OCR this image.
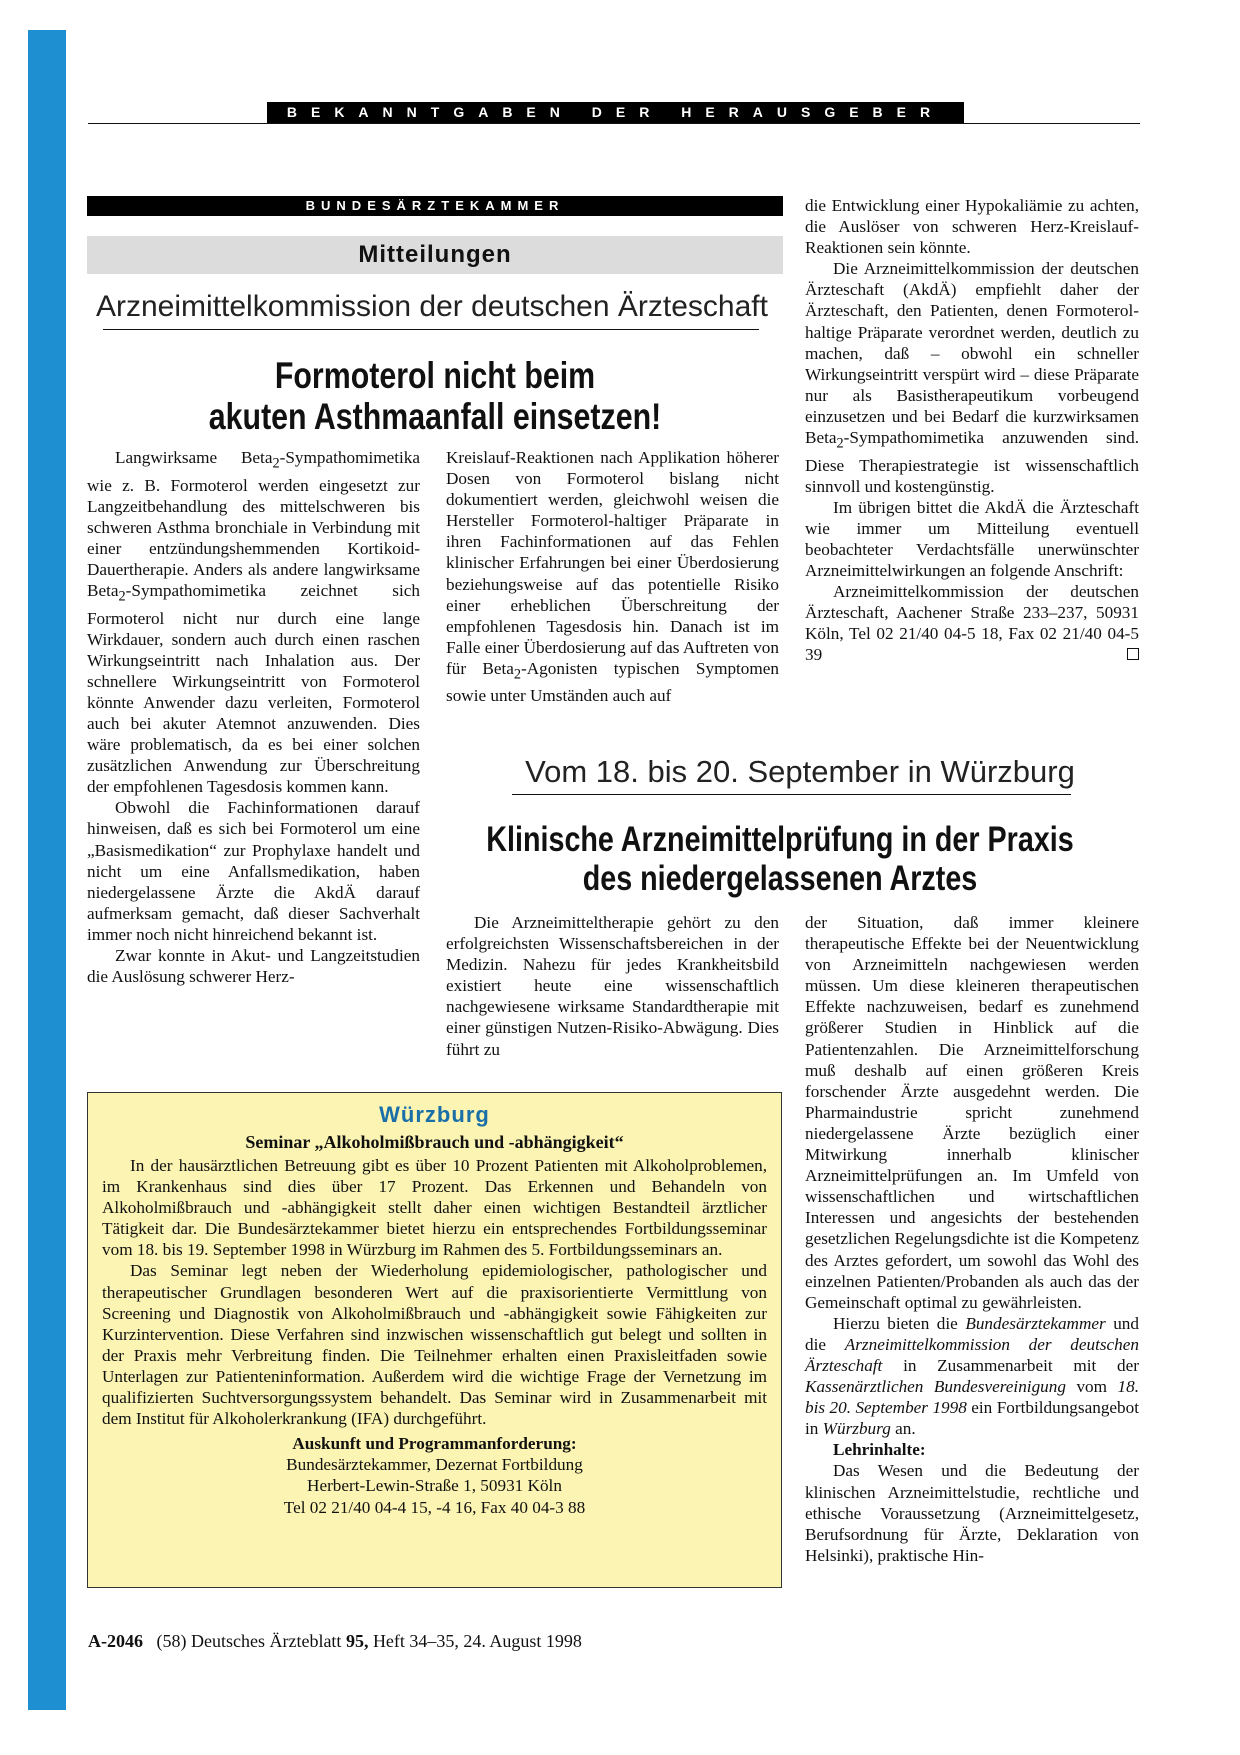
BEKANNTGABEN DER HERAUSGEBER
BUNDESÄRZTEKAMMER
Mitteilungen
Arzneimittelkommission der deutschen Ärzteschaft
Formoterol nicht beim
akuten Asthmaanfall einsetzen!

Langwirksame Beta$_2$-Sympathomimetika wie z. B. Formoterol werden eingesetzt zur Langzeitbehandlung des mittelschweren bis schweren Asthma bronchiale in Verbindung mit einer entzündungshemmenden Kortikoid-Dauertherapie. Anders als andere langwirksame Beta$_2$-Sympathomimetika zeichnet sich Formoterol nicht nur durch eine lange Wirkdauer, sondern auch durch einen raschen Wirkungseintritt nach Inhalation aus. Der schnellere Wirkungseintritt von Formoterol könnte Anwender dazu verleiten, Formoterol auch bei akuter Atemnot anzuwenden. Dies wäre problematisch, da es bei einer solchen zusätzlichen Anwendung zur Überschreitung der empfohlenen Tagesdosis kommen kann.

Obwohl die Fachinformationen darauf hinweisen, daß es sich bei Formoterol um eine „Basismedikation“ zur Prophylaxe handelt und nicht um eine Anfallsmedikation, haben niedergelassene Ärzte die AkdÄ darauf aufmerksam gemacht, daß dieser Sachverhalt immer noch nicht hinreichend bekannt ist.

Zwar konnte in Akut- und Langzeitstudien die Auslösung schwerer Herz-

Kreislauf-Reaktionen nach Applikation höherer Dosen von Formoterol bislang nicht dokumentiert werden, gleichwohl weisen die Hersteller Formoterol-haltiger Präparate in ihren Fachinformationen auf das Fehlen klinischer Erfahrungen bei einer Überdosierung beziehungsweise auf das potentielle Risiko einer erheblichen Überschreitung der empfohlenen Tagesdosis hin. Danach ist im Falle einer Überdosierung auf das Auftreten von für Beta$_2$-Agonisten typischen Symptomen sowie unter Umständen auch auf

die Entwicklung einer Hypokaliämie zu achten, die Auslöser von schweren Herz-Kreislauf-Reaktionen sein könnte.

Die Arzneimittelkommission der deutschen Ärzteschaft (AkdÄ) empfiehlt daher der Ärzteschaft, den Patienten, denen Formoterol-haltige Präparate verordnet werden, deutlich zu machen, daß – obwohl ein schneller Wirkungseintritt verspürt wird – diese Präparate nur als Basistherapeutikum vorbeugend einzusetzen und bei Bedarf die kurzwirksamen Beta$_2$-Sympathomimetika anzuwenden sind. Diese Therapiestrategie ist wissenschaftlich sinnvoll und kostengünstig.

Im übrigen bittet die AkdÄ die Ärzteschaft wie immer um Mitteilung eventuell beobachteter Verdachtsfälle unerwünschter Arzneimittelwirkungen an folgende Anschrift:

Arzneimittelkommission der deutschen Ärzteschaft, Aachener Straße 233–237, 50931 Köln, Tel 02 21/40 04-5 18, Fax 02 21/40 04-5 39

Vom 18. bis 20. September in Würzburg
Klinische Arzneimittelprüfung in der Praxis
des niedergelassenen Arztes

Die Arzneimitteltherapie gehört zu den erfolgreichsten Wissenschaftsbereichen in der Medizin. Nahezu für jedes Krankheitsbild existiert heute eine wissenschaftlich nachgewiesene wirksame Standardtherapie mit einer günstigen Nutzen-Risiko-Abwägung. Dies führt zu

der Situation, daß immer kleinere therapeutische Effekte bei der Neuentwicklung von Arzneimitteln nachgewiesen werden müssen. Um diese kleineren therapeutischen Effekte nachzuweisen, bedarf es zunehmend größerer Studien in Hinblick auf die Patientenzahlen. Die Arzneimittelforschung muß deshalb auf einen größeren Kreis forschender Ärzte ausgedehnt werden. Die Pharmaindustrie spricht zunehmend niedergelassene Ärzte bezüglich einer Mitwirkung innerhalb klinischer Arzneimittelprüfungen an. Im Umfeld von wissenschaftlichen und wirtschaftlichen Interessen und angesichts der bestehenden gesetzlichen Regelungsdichte ist die Kompetenz des Arztes gefordert, um sowohl das Wohl des einzelnen Patienten/Probanden als auch das der Gemeinschaft optimal zu gewährleisten.

Hierzu bieten die Bundesärztekammer und die Arzneimittelkommission der deutschen Ärzteschaft in Zusammenarbeit mit der Kassenärztlichen Bundesvereinigung vom 18. bis 20. September 1998 ein Fortbildungsangebot in Würzburg an.

Lehrinhalte:

Das Wesen und die Bedeutung der klinischen Arzneimittelstudie, rechtliche und ethische Voraussetzung (Arzneimittelgesetz, Berufsordnung für Ärzte, Deklaration von Helsinki), praktische Hin-

Würzburg
Seminar „Alkoholmißbrauch und -abhängigkeit“

In der hausärztlichen Betreuung gibt es über 10 Prozent Patienten mit Alkoholproblemen, im Krankenhaus sind dies über 17 Prozent. Das Erkennen und Behandeln von Alkoholmißbrauch und -abhängigkeit stellt daher einen wichtigen Bestandteil ärztlicher Tätigkeit dar. Die Bundesärztekammer bietet hierzu ein entsprechendes Fortbildungsseminar vom 18. bis 19. September 1998 in Würzburg im Rahmen des 5. Fortbildungsseminars an.

Das Seminar legt neben der Wiederholung epidemiologischer, pathologischer und therapeutischer Grundlagen besonderen Wert auf die praxisorientierte Vermittlung von Screening und Diagnostik von Alkoholmißbrauch und -abhängigkeit sowie Fähigkeiten zur Kurzintervention. Diese Verfahren sind inzwischen wissenschaftlich gut belegt und sollten in der Praxis mehr Verbreitung finden. Die Teilnehmer erhalten einen Praxisleitfaden sowie Unterlagen zur Patienteninformation. Außerdem wird die wichtige Frage der Vernetzung im qualifizierten Suchtversorgungssystem behandelt. Das Seminar wird in Zusammenarbeit mit dem Institut für Alkoholerkrankung (IFA) durchgeführt.

Auskunft und Programmanforderung:
Bundesärztekammer, Dezernat Fortbildung
Herbert-Lewin-Straße 1, 50931 Köln
Tel 02 21/40 04-4 15, -4 16, Fax 40 04-3 88
A-2046 (58) Deutsches Ärzteblatt 95, Heft 34–35, 24. August 1998
